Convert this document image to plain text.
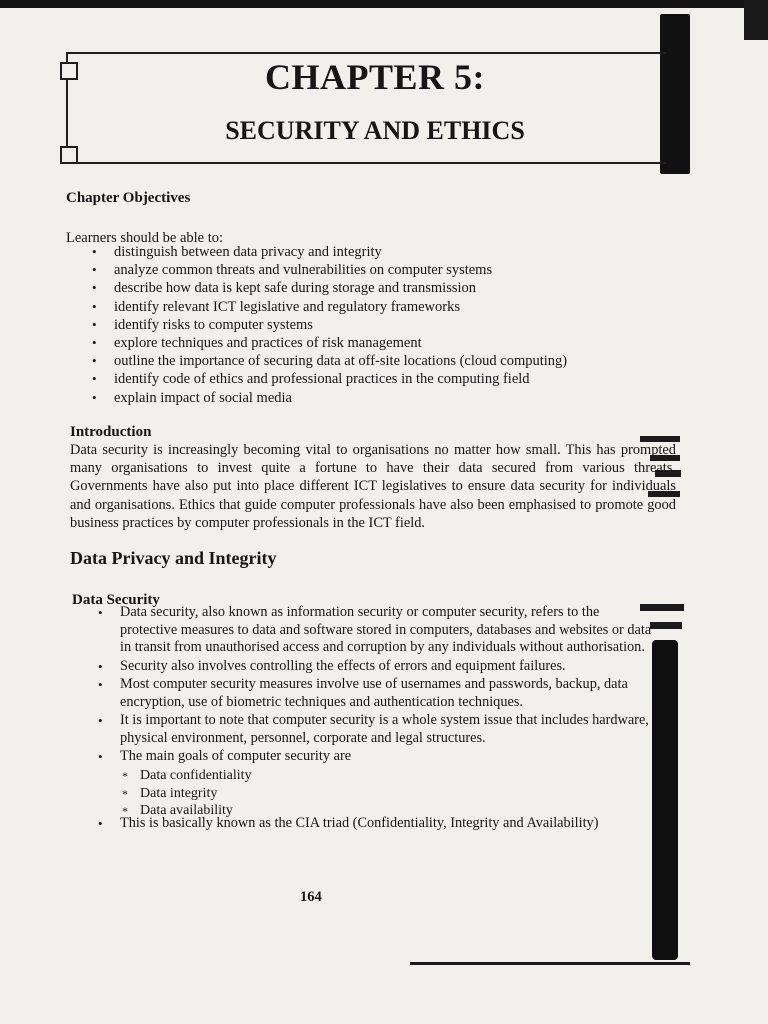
CHAPTER 5:
SECURITY AND ETHICS
Chapter Objectives
Learners should be able to:
• distinguish between data privacy and integrity
• analyze common threats and vulnerabilities on computer systems
• describe how data is kept safe during storage and transmission
• identify relevant ICT legislative and regulatory frameworks
• identify risks to computer systems
• explore techniques and practices of risk management
• outline the importance of securing data at off-site locations (cloud computing)
• identify code of ethics and professional practices in the computing field
• explain impact of social media
Introduction
Data security is increasingly becoming vital to organisations no matter how small. This has prompted many organisations to invest quite a fortune to have their data secured from various threats. Governments have also put into place different ICT legislatives to ensure data security for individuals and organisations. Ethics that guide computer professionals have also been emphasised to promote good business practices by computer professionals in the ICT field.
Data Privacy and Integrity
Data Security
• Data security, also known as information security or computer security, refers to the protective measures to data and software stored in computers, databases and websites or data in transit from unauthorised access and corruption by any individuals without authorisation.
• Security also involves controlling the effects of errors and equipment failures.
• Most computer security measures involve use of usernames and passwords, backup, data encryption, use of biometric techniques and authentication techniques.
• It is important to note that computer security is a whole system issue that includes hardware, physical environment, personnel, corporate and legal structures.
• The main goals of computer security are
* Data confidentiality
* Data integrity
* Data availability
• This is basically known as the CIA triad (Confidentiality, Integrity and Availability)
164
